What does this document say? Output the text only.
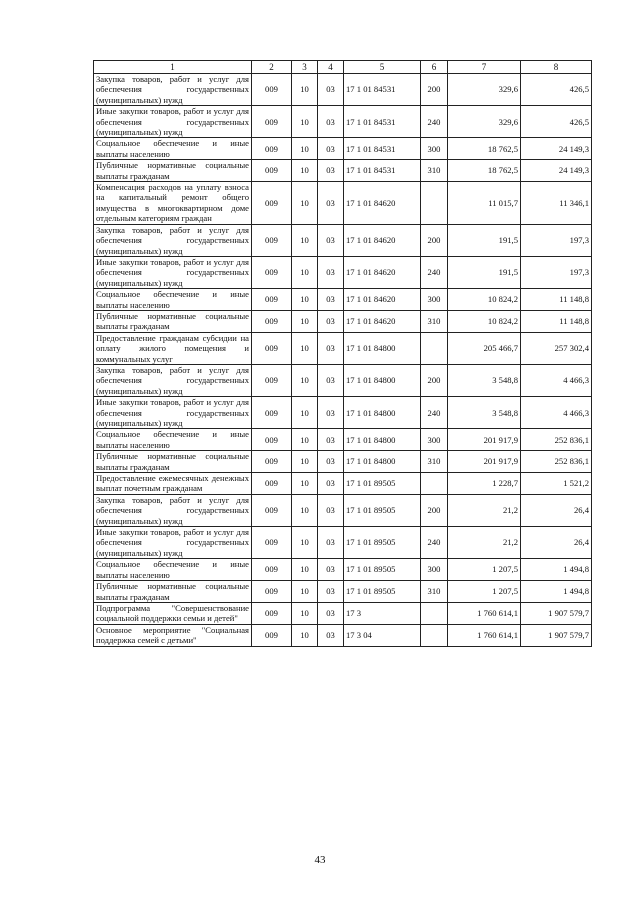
1	2	3	4	5	6	7	8
Закупка товаров, работ и услуг для обеспечения государственных (муниципальных) нужд	009	10	03	17 1 01 84531	200	329,6	426,5
Иные закупки товаров, работ и услуг для обеспечения государственных (муниципальных) нужд	009	10	03	17 1 01 84531	240	329,6	426,5
Социальное обеспечение и иные выплаты населению	009	10	03	17 1 01 84531	300	18 762,5	24 149,3
Публичные нормативные социальные выплаты гражданам	009	10	03	17 1 01 84531	310	18 762,5	24 149,3
Компенсация расходов на уплату взноса на капитальный ремонт общего имущества в многоквартирном доме отдельным категориям граждан	009	10	03	17 1 01 84620		11 015,7	11 346,1
Закупка товаров, работ и услуг для обеспечения государственных (муниципальных) нужд	009	10	03	17 1 01 84620	200	191,5	197,3
Иные закупки товаров, работ и услуг для обеспечения государственных (муниципальных) нужд	009	10	03	17 1 01 84620	240	191,5	197,3
Социальное обеспечение и иные выплаты населению	009	10	03	17 1 01 84620	300	10 824,2	11 148,8
Публичные нормативные социальные выплаты гражданам	009	10	03	17 1 01 84620	310	10 824,2	11 148,8
Предоставление гражданам субсидии на оплату жилого помещения и коммунальных услуг	009	10	03	17 1 01 84800		205 466,7	257 302,4
Закупка товаров, работ и услуг для обеспечения государственных (муниципальных) нужд	009	10	03	17 1 01 84800	200	3 548,8	4 466,3
Иные закупки товаров, работ и услуг для обеспечения государственных (муниципальных) нужд	009	10	03	17 1 01 84800	240	3 548,8	4 466,3
Социальное обеспечение и иные выплаты населению	009	10	03	17 1 01 84800	300	201 917,9	252 836,1
Публичные нормативные социальные выплаты гражданам	009	10	03	17 1 01 84800	310	201 917,9	252 836,1
Предоставление ежемесячных денежных выплат почетным гражданам	009	10	03	17 1 01 89505		1 228,7	1 521,2
Закупка товаров, работ и услуг для обеспечения государственных (муниципальных) нужд	009	10	03	17 1 01 89505	200	21,2	26,4
Иные закупки товаров, работ и услуг для обеспечения государственных (муниципальных) нужд	009	10	03	17 1 01 89505	240	21,2	26,4
Социальное обеспечение и иные выплаты населению	009	10	03	17 1 01 89505	300	1 207,5	1 494,8
Публичные нормативные социальные выплаты гражданам	009	10	03	17 1 01 89505	310	1 207,5	1 494,8
Подпрограмма "Совершенствование социальной поддержки семьи и детей"	009	10	03	17 3		1 760 614,1	1 907 579,7
Основное мероприятие "Социальная поддержка семей с детьми"	009	10	03	17 3 04		1 760 614,1	1 907 579,7
43
